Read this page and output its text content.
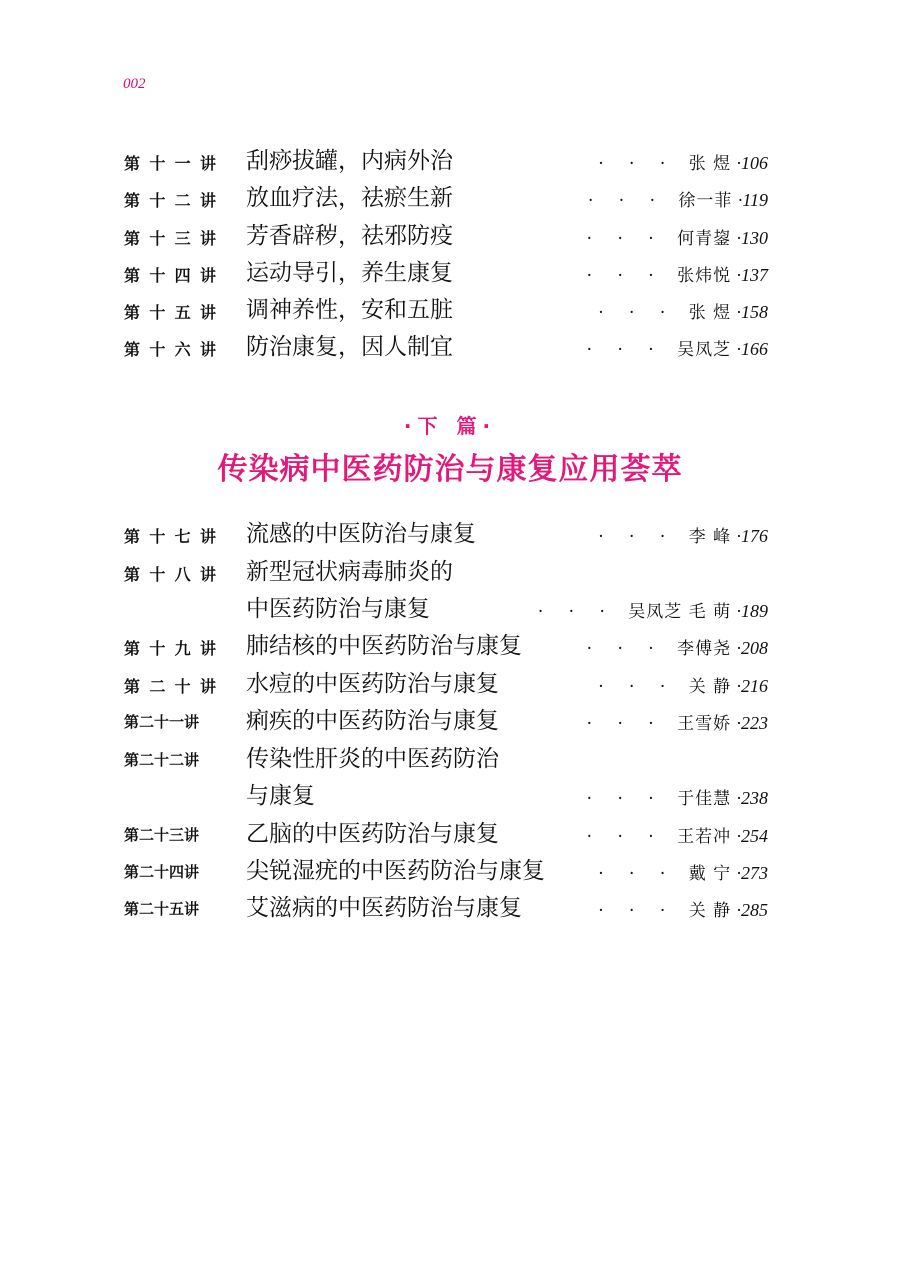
002
第 十 一 讲 刮痧拔罐，内病外治	· · · 张 煜 ·106
第 十 二 讲 放血疗法，祛瘀生新	· · · 徐一菲 ·119
第 十 三 讲 芳香辟秽，祛邪防疫	· · · 何青鋆 ·130
第 十 四 讲 运动导引，养生康复	· · · 张炜悦 ·137
第 十 五 讲 调神养性，安和五脏	· · · 张 煜 ·158
第 十 六 讲 防治康复，因人制宜	· · · 吴凤芝 ·166
·下 篇·
传染病中医药防治与康复应用荟萃
第 十 七 讲 流感的中医防治与康复	· · · 李 峰 ·176
第 十 八 讲 新型冠状病毒肺炎的
中医药防治与康复	· · · 吴凤芝 毛 萌 ·189
第 十 九 讲 肺结核的中医药防治与康复	· · · 李傅尧 ·208
第 二 十 讲 水痘的中医药防治与康复	· · · 关 静 ·216
第二十一讲 痢疾的中医药防治与康复	· · · 王雪娇 ·223
第二十二讲 传染性肝炎的中医药防治
与康复	· · · 于佳慧 ·238
第二十三讲 乙脑的中医药防治与康复	· · · 王若冲 ·254
第二十四讲 尖锐湿疣的中医药防治与康复	· · · 戴 宁 ·273
第二十五讲 艾滋病的中医药防治与康复	· · · 关 静 ·285
